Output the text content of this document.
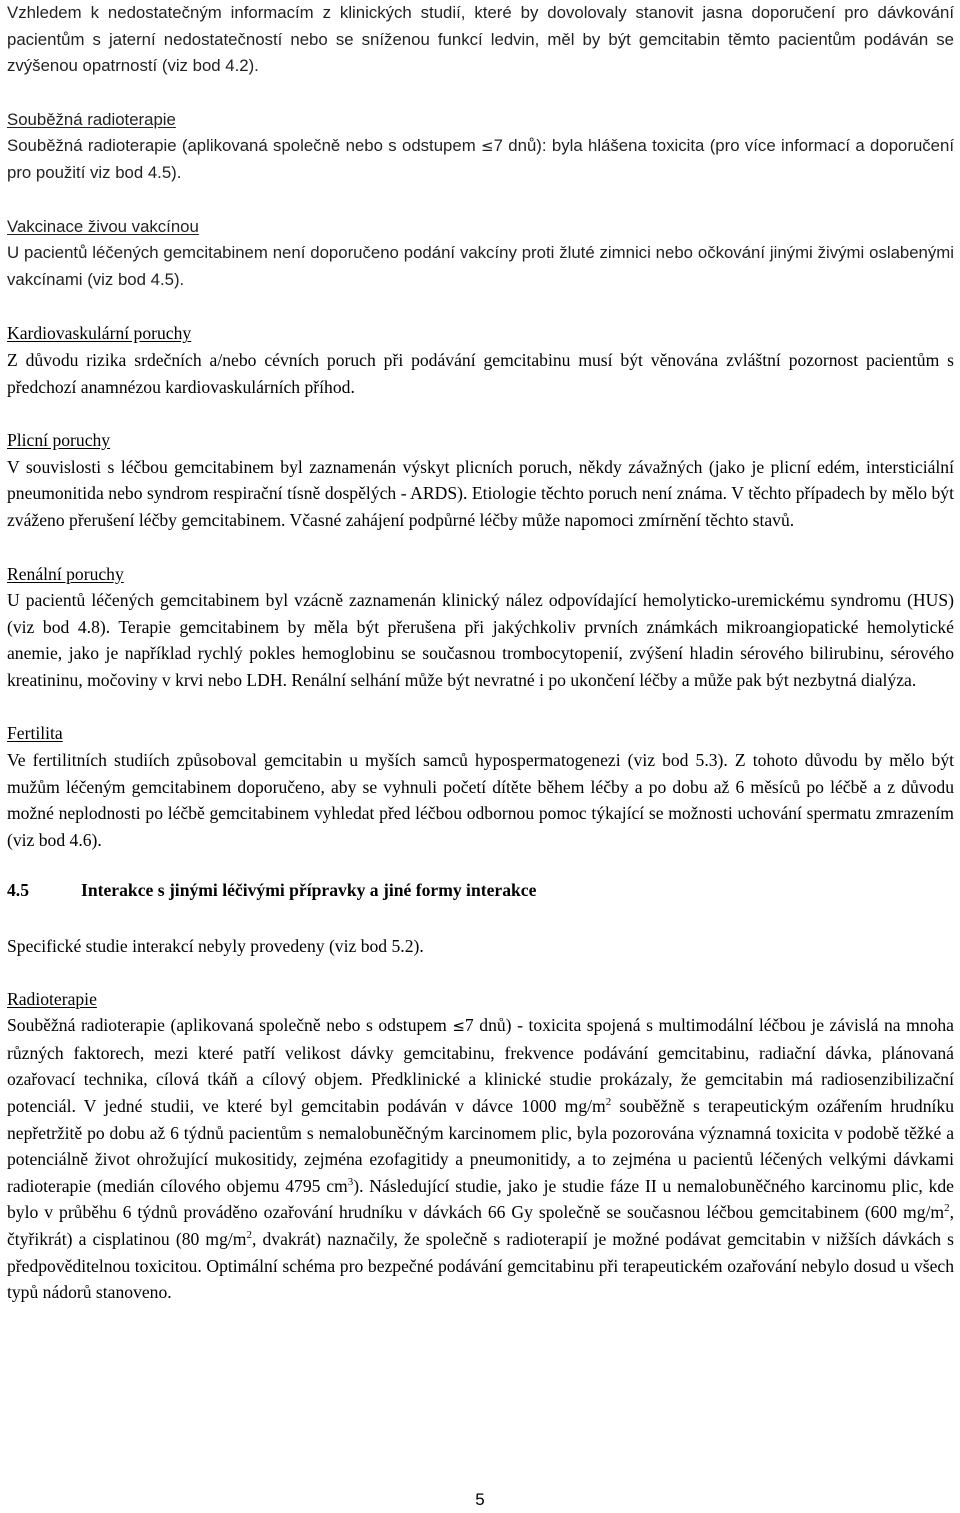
Vzhledem k nedostatečným informacím z klinických studií, které by dovolovaly stanovit jasna doporučení pro dávkování pacientům s jaterní nedostatečností nebo se sníženou funkcí ledvin, měl by být gemcitabin těmto pacientům podáván se zvýšenou opatrností (viz bod 4.2).

Souběžná radioterapie

Souběžná radioterapie (aplikovaná společně nebo s odstupem ≤7 dnů): byla hlášena toxicita (pro více informací a doporučení pro použití viz bod 4.5).

Vakcinace živou vakcínou

U pacientů léčených gemcitabinem není doporučeno podání vakcíny proti žluté zimnici nebo očkování jinými živými oslabenými vakcínami (viz bod 4.5).

Kardiovaskulární poruchy

Z důvodu rizika srdečních a/nebo cévních poruch při podávání gemcitabinu musí být věnována zvláštní pozornost pacientům s předchozí anamnézou kardiovaskulárních příhod.

Plicní poruchy

V souvislosti s léčbou gemcitabinem byl zaznamenán výskyt plicních poruch, někdy závažných (jako je plicní edém, intersticiální pneumonitida nebo syndrom respirační tísně dospělých - ARDS). Etiologie těchto poruch není známa. V těchto případech by mělo být zváženo přerušení léčby gemcitabinem. Včasné zahájení podpůrné léčby může napomoci zmírnění těchto stavů.

Renální poruchy

U pacientů léčených gemcitabinem byl vzácně zaznamenán klinický nález odpovídající hemolyticko-uremickému syndromu (HUS) (viz bod 4.8). Terapie gemcitabinem by měla být přerušena při jakýchkoliv prvních známkách mikroangiopatické hemolytické anemie, jako je například rychlý pokles hemoglobinu se současnou trombocytopenií, zvýšení hladin sérového bilirubinu, sérového kreatininu, močoviny v krvi nebo LDH. Renální selhání může být nevratné i po ukončení léčby a může pak být nezbytná dialýza.

Fertilita

Ve fertilitních studiích způsoboval gemcitabin u myších samců hypospermatogenezi (viz bod 5.3). Z tohoto důvodu by mělo být mužům léčeným gemcitabinem doporučeno, aby se vyhnuli početí dítěte během léčby a po dobu až 6 měsíců po léčbě a z důvodu možné neplodnosti po léčbě gemcitabinem vyhledat před léčbou odbornou pomoc týkající se možnosti uchování spermatu zmrazením (viz bod 4.6).

4.5	Interakce s jinými léčivými přípravky a jiné formy interakce

Specifické studie interakcí nebyly provedeny (viz bod 5.2).

Radioterapie

Souběžná radioterapie (aplikovaná společně nebo s odstupem ≤7 dnů) - toxicita spojená s multimodální léčbou je závislá na mnoha různých faktorech, mezi které patří velikost dávky gemcitabinu, frekvence podávání gemcitabinu, radiační dávka, plánovaná ozařovací technika, cílová tkáň a cílový objem. Předklinické a klinické studie prokázaly, že gemcitabin má radiosenzibilizační potenciál. V jedné studii, ve které byl gemcitabin podáván v dávce 1000 $mg/m^2$ souběžně s terapeutickým ozářením hrudníku nepřetržitě po dobu až 6 týdnů pacientům s nemalobuněčným karcinomem plic, byla pozorována významná toxicita v podobě těžké a potenciálně život ohrožující mukositidy, zejména ezofagitidy a pneumonitidy, a to zejména u pacientů léčených velkými dávkami radioterapie (medián cílového objemu 4795 $cm^3$). Následující studie, jako je studie fáze II u nemalobuněčného karcinomu plic, kde bylo v průběhu 6 týdnů prováděno ozařování hrudníku v dávkách 66 Gy společně se současnou léčbou gemcitabinem (600 $mg/m^2$, čtyřikrát) a cisplatinou (80 $mg/m^2$, dvakrát) naznačily, že společně s radioterapií je možné podávat gemcitabin v nižších dávkách s předpověditelnou toxicitou. Optimální schéma pro bezpečné podávání gemcitabinu při terapeutickém ozařování nebylo dosud u všech typů nádorů stanoveno.

5
